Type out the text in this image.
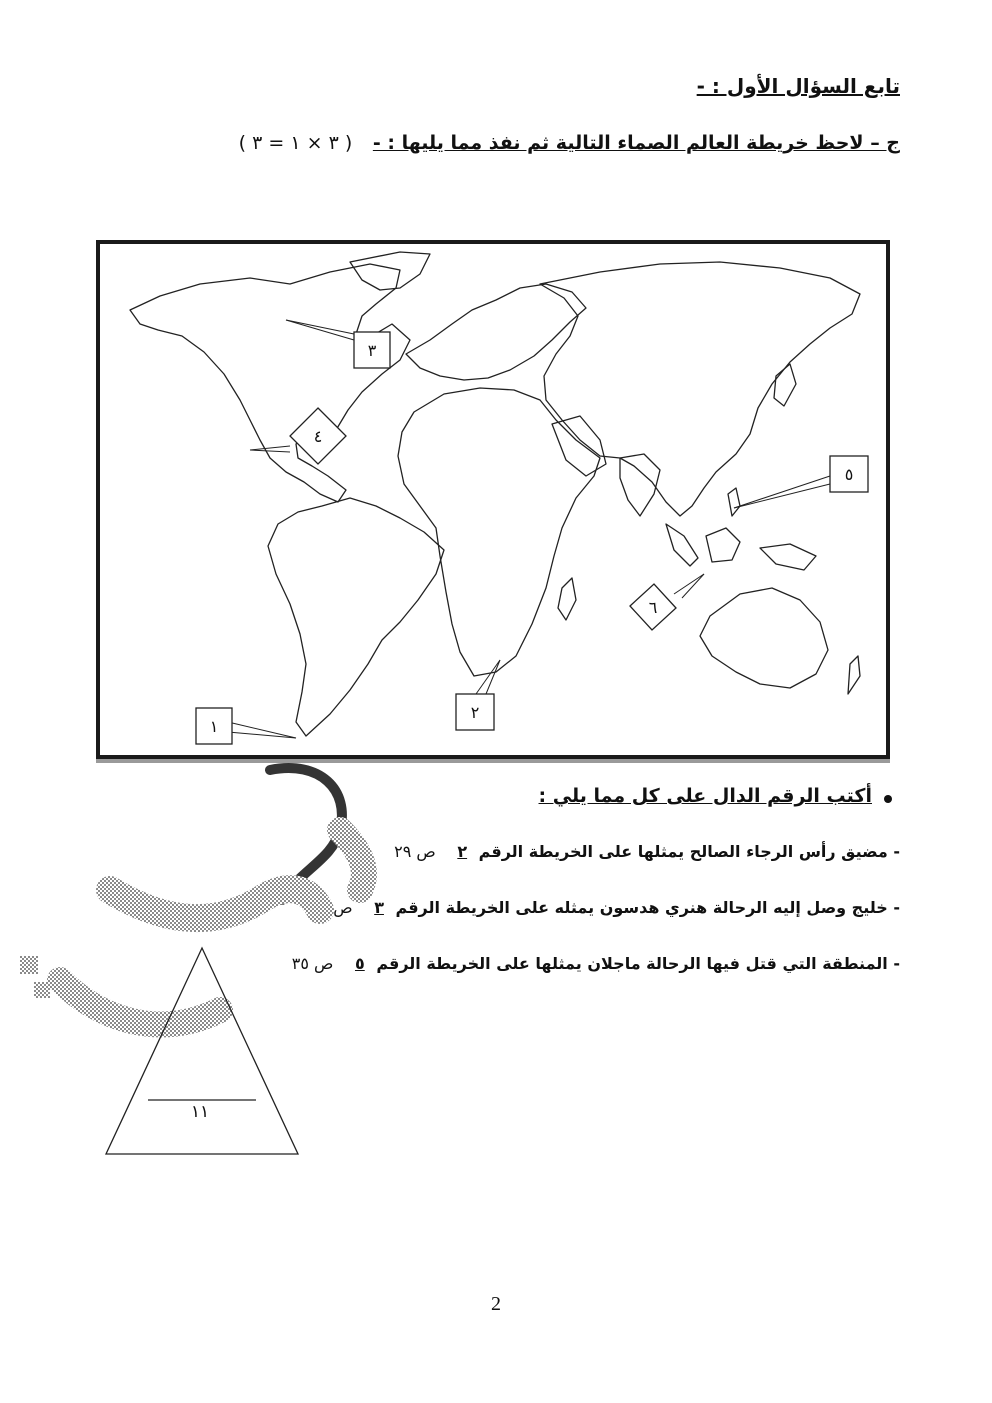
تابع السؤال الأول : -
ج – لاحظ خريطة العالم الصماء التالية ثم نفذ مما يليها : - ( ٣ × ١ = ٣ )
١
٢
٣
٤
٥
٦
أكتب الرقم الدال على كل مما يلي :
- مضيق رأس الرجاء الصالح يمثلها على الخريطة الرقم ٢ ص ٢٩
- خليج وصل إليه الرحالة هنري هدسون يمثله على الخريطة الرقم ٣ ص ٣٨
- المنطقة التي قتل فيها الرحالة ماجلان يمثلها على الخريطة الرقم ٥ ص ٣٥
١١
2
